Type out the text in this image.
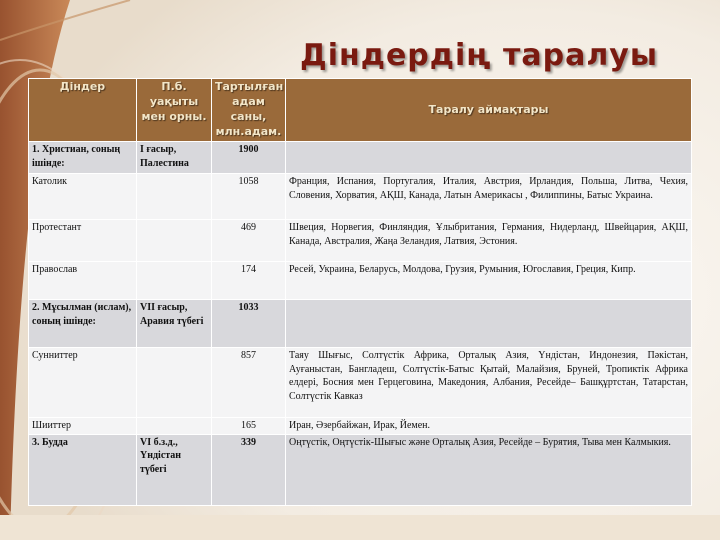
Діндердің таралуы
Діндер	П.б. уақыты мен орны.	Тартылған адам саны, млн.адам.	Таралу аймақтары
1. Христиан, соның ішінде:	I ғасыр, Палестина	1900	
Католик		1058	Франция, Испания, Португалия, Италия, Австрия, Ирландия, Польша, Литва, Чехия, Словения, Хорватия, АҚШ, Канада, Латын Америкасы , Филиппины, Батыс Украина.
Протестант		469	Швеция, Норвегия, Финляндия, Ұлыбритания, Германия, Нидерланд, Швейцария, АҚШ, Канада, Австралия, Жаңа Зеландия, Латвия, Эстония.
Православ		174	Ресей, Украина, Беларусь, Молдова, Грузия, Румыния, Югославия, Греция, Кипр.
2. Мұсылман (ислам), соның ішінде:	VII ғасыр, Аравия түбегі	1033	
Сунниттер		857	Таяу Шығыс, Солтүстік Африка, Орталық Азия, Үндістан, Индонезия, Пәкістан, Ауғаныстан, Бангладеш, Солтүстік-Батыс Қытай, Малайзия, Бруней, Тропиктік Африка елдері, Босния мен Герцеговина, Македония, Албания, Ресейде– Башқұртстан, Татарстан, Солтүстік Кавказ
Шииттер		165	Иран, Әзербайжан, Ирак, Йемен.
3. Будда	VI б.з.д., Үндістан түбегі	339	Оңтүстік, Оңтүстік-Шығыс және Орталық Азия, Ресейде – Бурятия, Тыва мен Калмыкия.
